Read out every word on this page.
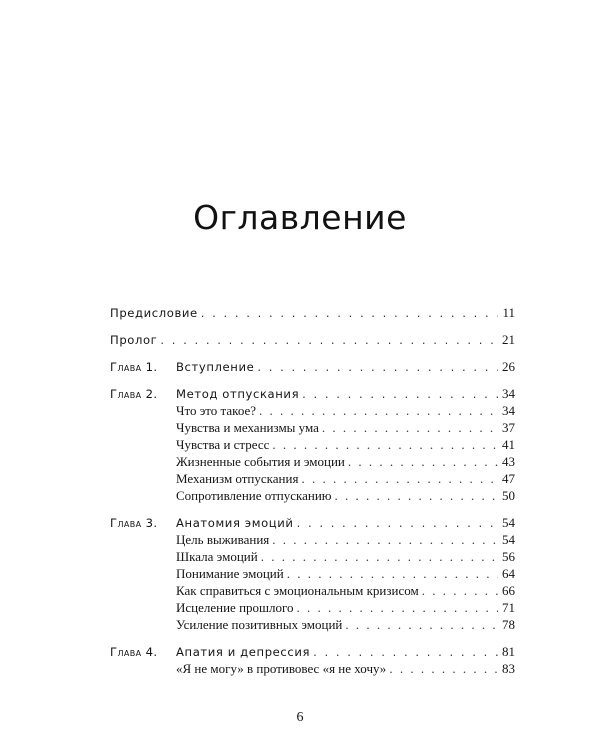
Оглавление
Предисловие . . .	11
Пролог . . .	21
Глава 1.	Вступление . . .	26
Глава 2.	Метод отпускания . . .	34
Что это такое? . . .	34
Чувства и механизмы ума . . .	37
Чувства и стресс . . .	41
Жизненные события и эмоции . . .	43
Механизм отпускания . . .	47
Сопротивление отпусканию . . .	50
Глава 3.	Анатомия эмоций . . .	54
Цель выживания . . .	54
Шкала эмоций . . .	56
Понимание эмоций . . .	64
Как справиться с эмоциональным кризисом . . .	66
Исцеление прошлого . . .	71
Усиление позитивных эмоций . . .	78
Глава 4.	Апатия и депрессия . . .	81
«Я не могу» в противовес «я не хочу» . . .	83
6
